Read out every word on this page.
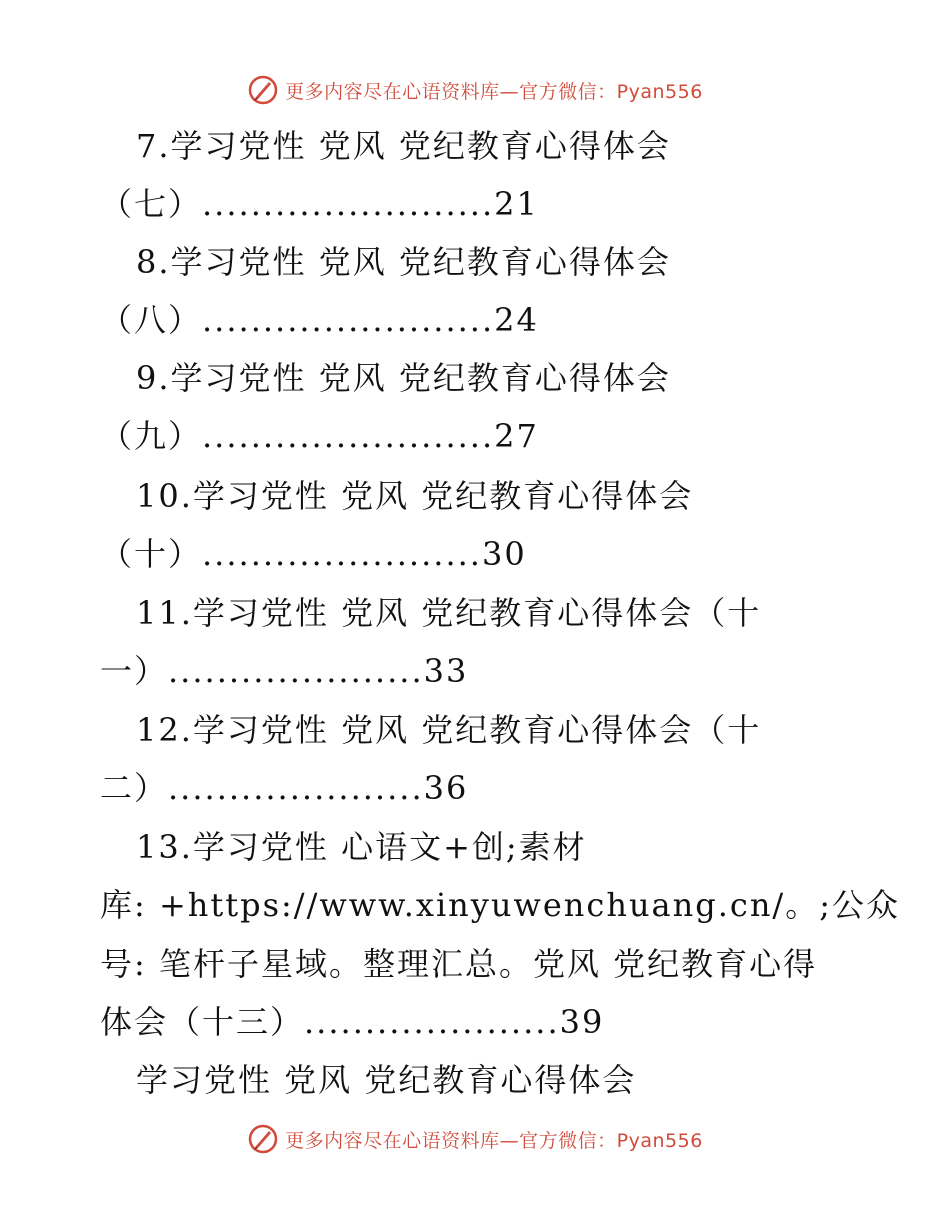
更多内容尽在心语资料库—官方微信：Pyan556
7.学习党性 党风 党纪教育心得体会
（七）........................21
8.学习党性 党风 党纪教育心得体会
（八）........................24
9.学习党性 党风 党纪教育心得体会
（九）........................27
10.学习党性 党风 党纪教育心得体会
（十）.......................30
11.学习党性 党风 党纪教育心得体会（十
一）.....................33
12.学习党性 党风 党纪教育心得体会（十
二）.....................36
13.学习党性 心语文+创;素材
库: +https://www.xinyuwenchuang.cn/。;公众
号: 笔杆子星域。整理汇总。党风 党纪教育心得
体会（十三）.....................39
学习党性 党风 党纪教育心得体会
更多内容尽在心语资料库—官方微信：Pyan556
